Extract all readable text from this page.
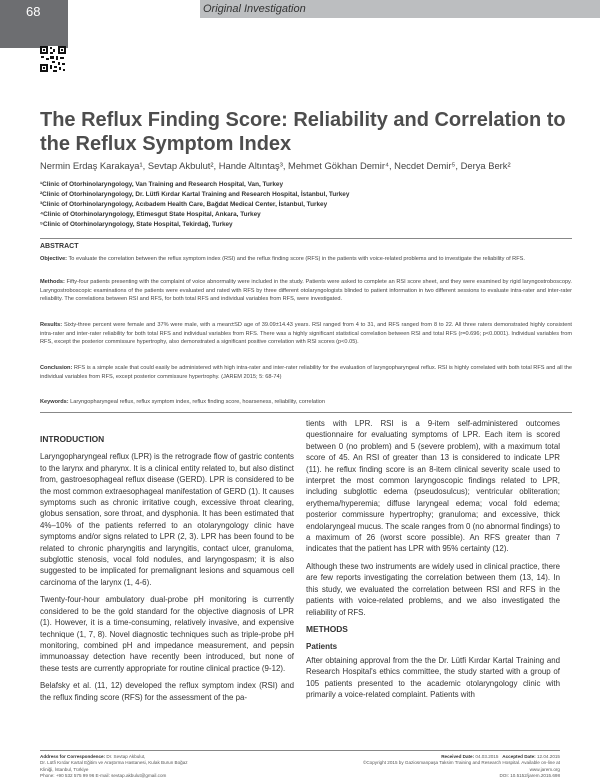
68	Original Investigation
The Reflux Finding Score: Reliability and Correlation to the Reflux Symptom Index
Nermin Erdaş Karakaya¹, Sevtap Akbulut², Hande Altıntaş³, Mehmet Gökhan Demir⁴, Necdet Demir⁵, Derya Berk²
¹Clinic of Otorhinolaryngology, Van Training and Research Hospital, Van, Turkey
²Clinic of Otorhinolaryngology, Dr. Lütfi Kırdar Kartal Training and Research Hospital, İstanbul, Turkey
³Clinic of Otorhinolaryngology, Acıbadem Health Care, Bağdat Medical Center, İstanbul, Turkey
⁴Clinic of Otorhinolaryngology, Etimesgut State Hospital, Ankara, Turkey
⁵Clinic of Otorhinolaryngology, State Hospital, Tekirdağ, Turkey
ABSTRACT
Objective: To evaluate the correlation between the reflux symptom index (RSI) and the reflux finding score (RFS) in the patients with voice-related problems and to investigate the reliability of RFS.
Methods: Fifty-four patients presenting with the complaint of voice abnormality were included in the study. Patients were asked to complete an RSI score sheet, and they were examined by rigid laryngostroboscopy. Laryngostroboscopic examinations of the patients were evaluated and rated with RFS by three different otolaryngologists blinded to patient information in two different sessions to evaluate intra-rater and inter-rater reliability. The correlations between RSI and RFS, for both total RFS and individual variables from RFS, were investigated.
Results: Sixty-three percent were female and 37% were male, with a mean±SD age of 39.09±14.43 years. RSI ranged from 4 to 31, and RFS ranged from 8 to 22. All three raters demonstrated highly consistent intra-rater and inter-rater reliability for both total RFS and individual variables from RFS. There was a highly significant statistical correlation between RSI and total RFS (r=0.696; p<0.0001). Individual variables from RFS, except the posterior commissure hypertrophy, also demonstrated a significant positive correlation with RSI scores (p<0.05).
Conclusion: RFS is a simple scale that could easily be administered with high intra-rater and inter-rater reliability for the evaluation of laryngopharyngeal reflux. RSI is highly correlated with both total RFS and all the individual variables from RFS, except posterior commissure hypertrophy. (JAREM 2015; 5: 68-74)
Keywords: Laryngopharyngeal reflux, reflux symptom index, reflux finding score, hoarseness, reliability, correlation
INTRODUCTION

Laryngopharyngeal reflux (LPR) is the retrograde flow of gastric contents to the larynx and pharynx. It is a clinical entity related to, but also distinct from, gastroesophageal reflux disease (GERD). LPR is considered to be the most common extraesophageal manifestation of GERD (1). It causes symptoms such as chronic irritative cough, excessive throat clearing, globus sensation, sore throat, and dysphonia. It has been estimated that 4%–10% of the patients referred to an otolaryngology clinic have symptoms and/or signs related to LPR (2, 3). LPR has been found to be related to chronic pharyngitis and laryngitis, contact ulcer, granuloma, subglottic stenosis, vocal fold nodules, and laryngospasm; it is also suggested to be implicated for premalignant lesions and squamous cell carcinoma of the larynx (1, 4-6).

Twenty-four-hour ambulatory dual-probe pH monitoring is currently considered to be the gold standard for the objective diagnosis of LPR (1). However, it is a time-consuming, relatively invasive, and expensive technique (1, 7, 8). Novel diagnostic techniques such as triple-probe pH monitoring, combined pH and impedance measurement, and pepsin immunoassay detection have recently been introduced, but none of these tests are currently appropriate for routine clinical practice (9-12).

Belafsky et al. (11, 12) developed the reflux symptom index (RSI) and the reflux finding score (RFS) for the assessment of the pa-

tients with LPR. RSI is a 9-item self-administered outcomes questionnaire for evaluating symptoms of LPR. Each item is scored between 0 (no problem) and 5 (severe problem), with a maximum total score of 45. An RSI of greater than 13 is considered to indicate LPR (11). he reflux finding score is an 8-item clinical severity scale used to interpret the most common laryngoscopic findings related to LPR, including subglottic edema (pseudosulcus); ventricular obliteration; erythema/hyperemia; diffuse laryngeal edema; vocal fold edema; posterior commissure hypertrophy; granuloma; and excessive, thick endolaryngeal mucus. The scale ranges from 0 (no abnormal findings) to a maximum of 26 (worst score possible). An RFS greater than 7 indicates that the patient has LPR with 95% certainty (12).

Although these two instruments are widely used in clinical practice, there are few reports investigating the correlation between them (13, 14). In this study, we evaluated the correlation between RSI and RFS in the patients with voice-related problems, and we also investigated the reliability of RFS.

METHODS
Patients

After obtaining approval from the the Dr. Lütfi Kırdar Kartal Training and Research Hospital's ethics committee, the study started with a group of 105 patients presented to the academic otolaryngology clinic with primarily a voice-related complaint. Patients with

Address for Correspondence: Dr. Sevtap Akbulut,
Dr. Lütfi Kırdar Kartal Eğitim ve Araştırma Hastanesi, Kulak Burun Boğaz
Kliniği, İstanbul, Türkiye
Phone: +90 532 575 99 96 E-mail: sevtap.akbulut@gmail.com
Received Date: 04.03.2015 Accepted Date: 12.04.2015
©Copyright 2015 by Gaziosmanpaşa Taksim Training and Research Hospital. Available on-line at www.jarem.org
DOI: 10.5152/jarem.2015.698
